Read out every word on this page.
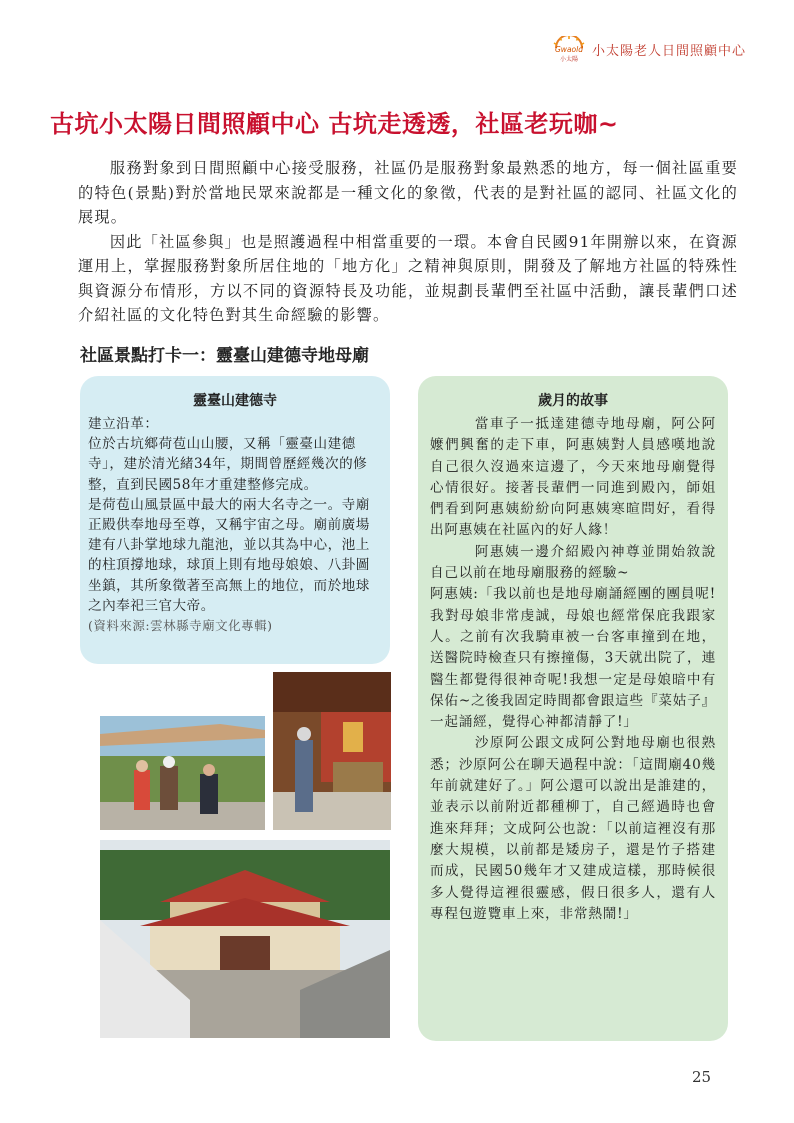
Gwaold
小太陽
小太陽老人日間照顧中心
古坑小太陽日間照顧中心 古坑走透透，社區老玩咖~

服務對象到日間照顧中心接受服務，社區仍是服務對象最熟悉的地方，每一個社區重要的特色(景點)對於當地民眾來說都是一種文化的象徵，代表的是對社區的認同、社區文化的展現。

因此「社區參與」也是照護過程中相當重要的一環。本會自民國91年開辦以來，在資源運用上，掌握服務對象所居住地的「地方化」之精神與原則，開發及了解地方社區的特殊性與資源分布情形，方以不同的資源特長及功能，並規劃長輩們至社區中活動，讓長輩們口述介紹社區的文化特色對其生命經驗的影響。

社區景點打卡一：靈臺山建德寺地母廟
靈臺山建德寺

建立沿革：

位於古坑鄉荷苞山山腰，又稱「靈臺山建德寺」，建於清光緒34年，期間曾歷經幾次的修整，直到民國58年才重建整修完成。

是荷苞山風景區中最大的兩大名寺之一。寺廟正殿供奉地母至尊，又稱宇宙之母。廟前廣場建有八卦掌地球九龍池，並以其為中心，池上的柱頂撐地球，球頂上則有地母娘娘、八卦圖坐鎮，其所象徵著至高無上的地位，而於地球之內奉祀三官大帝。

(資料來源:雲林縣寺廟文化專輯)

歲月的故事

當車子一抵達建德寺地母廟，阿公阿嬤們興奮的走下車，阿惠姨對人員感嘆地說自己很久沒過來這邊了，今天來地母廟覺得心情很好。接著長輩們一同進到殿內，師姐們看到阿惠姨紛紛向阿惠姨寒暄問好，看得出阿惠姨在社區內的好人緣！

阿惠姨一邊介紹殿內神尊並開始敘說自己以前在地母廟服務的經驗~

阿惠姨:「我以前也是地母廟誦經團的團員呢!我對母娘非常虔誠，母娘也經常保庇我跟家人。之前有次我騎車被一台客車撞到在地，送醫院時檢查只有擦撞傷，3天就出院了，連醫生都覺得很神奇呢!我想一定是母娘暗中有保佑~之後我固定時間都會跟這些『菜姑子』一起誦經，覺得心神都清靜了!」

沙原阿公跟文成阿公對地母廟也很熟悉；沙原阿公在聊天過程中說：「這間廟40幾年前就建好了。」阿公還可以說出是誰建的，並表示以前附近都種柳丁，自己經過時也會進來拜拜；文成阿公也說：「以前這裡沒有那麼大規模，以前都是矮房子，還是竹子搭建而成，民國50幾年才又建成這樣，那時候很多人覺得這裡很靈感，假日很多人，還有人專程包遊覽車上來，非常熱鬧!」

25
